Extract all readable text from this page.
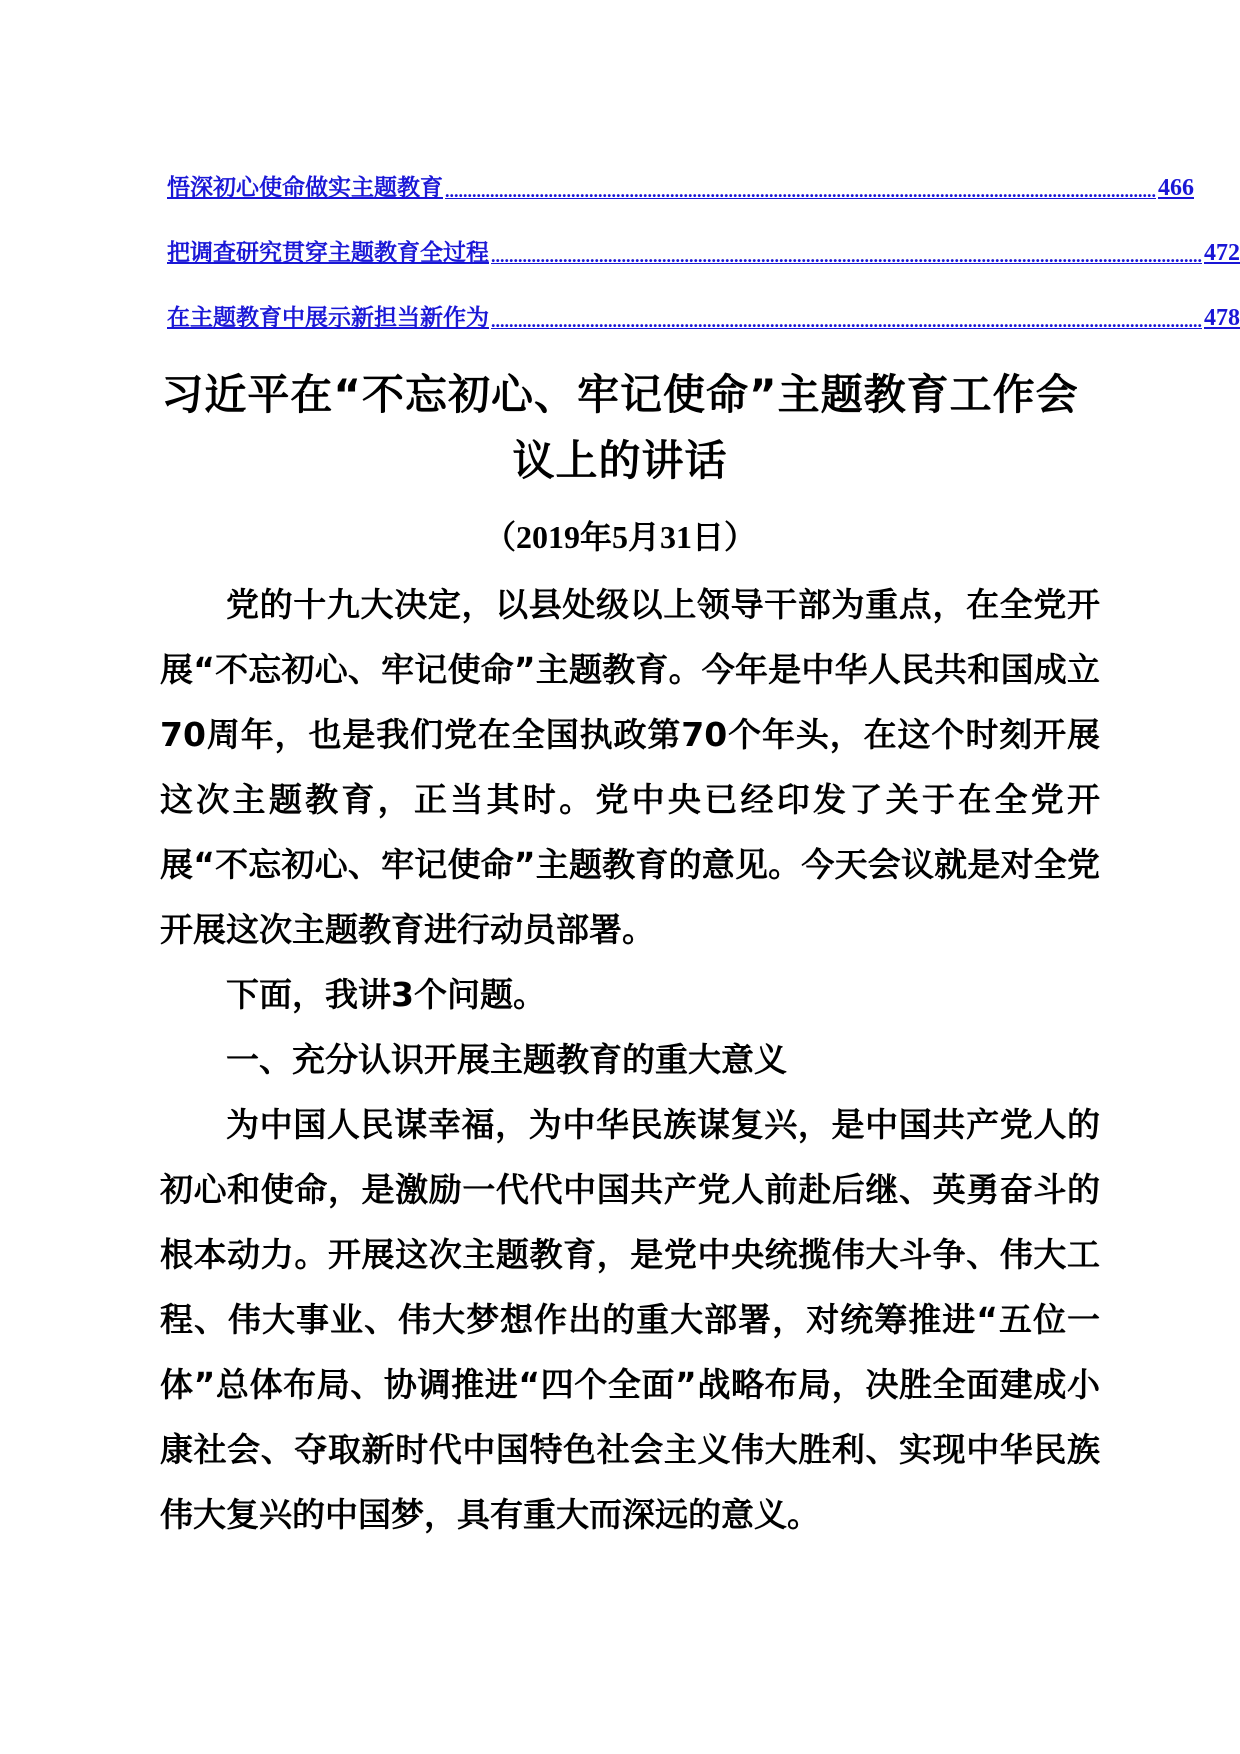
悟深初心使命做实主题教育 .............................................................................................................................................................. 466
把调查研究贯穿主题教育全过程 .............................................................................................................................................................. 472
在主题教育中展示新担当新作为 .............................................................................................................................................................. 478
习近平在“不忘初心、牢记使命”主题教育工作会议上的讲话
（2019年5月31日）

党的十九大决定，以县处级以上领导干部为重点，在全党开展“不忘初心、牢记使命”主题教育。今年是中华人民共和国成立70周年，也是我们党在全国执政第70个年头，在这个时刻开展这次主题教育，正当其时。党中央已经印发了关于在全党开展“不忘初心、牢记使命”主题教育的意见。今天会议就是对全党开展这次主题教育进行动员部署。

下面，我讲3个问题。

一、充分认识开展主题教育的重大意义

为中国人民谋幸福，为中华民族谋复兴，是中国共产党人的初心和使命，是激励一代代中国共产党人前赴后继、英勇奋斗的根本动力。开展这次主题教育，是党中央统揽伟大斗争、伟大工程、伟大事业、伟大梦想作出的重大部署，对统筹推进“五位一体”总体布局、协调推进“四个全面”战略布局，决胜全面建成小康社会、夺取新时代中国特色社会主义伟大胜利、实现中华民族伟大复兴的中国梦，具有重大而深远的意义。
